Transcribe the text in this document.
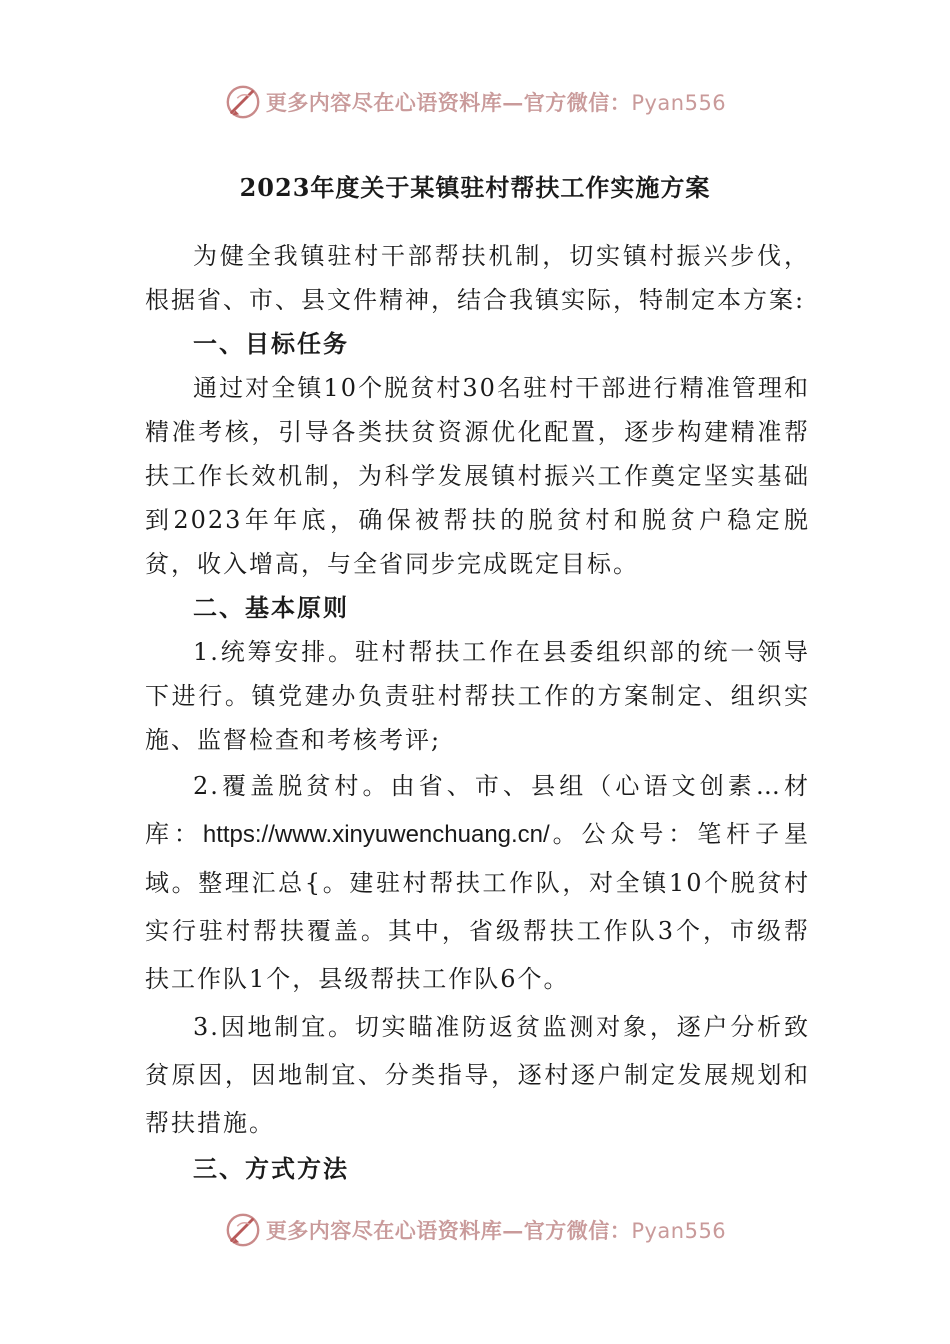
更多内容尽在心语资料库—官方微信：Pyan556
2023年度关于某镇驻村帮扶工作实施方案

为健全我镇驻村干部帮扶机制，切实镇村振兴步伐，根据省、市、县文件精神，结合我镇实际，特制定本方案:

一、目标任务

通过对全镇10个脱贫村30名驻村干部进行精准管理和精准考核，引导各类扶贫资源优化配置，逐步构建精准帮扶工作长效机制，为科学发展镇村振兴工作奠定坚实基础到2023年年底，确保被帮扶的脱贫村和脱贫户稳定脱贫，收入增高，与全省同步完成既定目标。

二、基本原则

1.统筹安排。驻村帮扶工作在县委组织部的统一领导下进行。镇党建办负责驻村帮扶工作的方案制定、组织实施、监督检查和考核考评;

2.覆盖脱贫村。由省、市、县组（心语文创素…材库：https://www.xinyuwenchuang.cn/。公众号：笔杆子星域。整理汇总{。建驻村帮扶工作队，对全镇10个脱贫村实行驻村帮扶覆盖。其中，省级帮扶工作队3个，市级帮扶工作队1个，县级帮扶工作队6个。

3.因地制宜。切实瞄准防返贫监测对象，逐户分析致贫原因，因地制宜、分类指导，逐村逐户制定发展规划和帮扶措施。

三、方式方法

更多内容尽在心语资料库—官方微信：Pyan556
